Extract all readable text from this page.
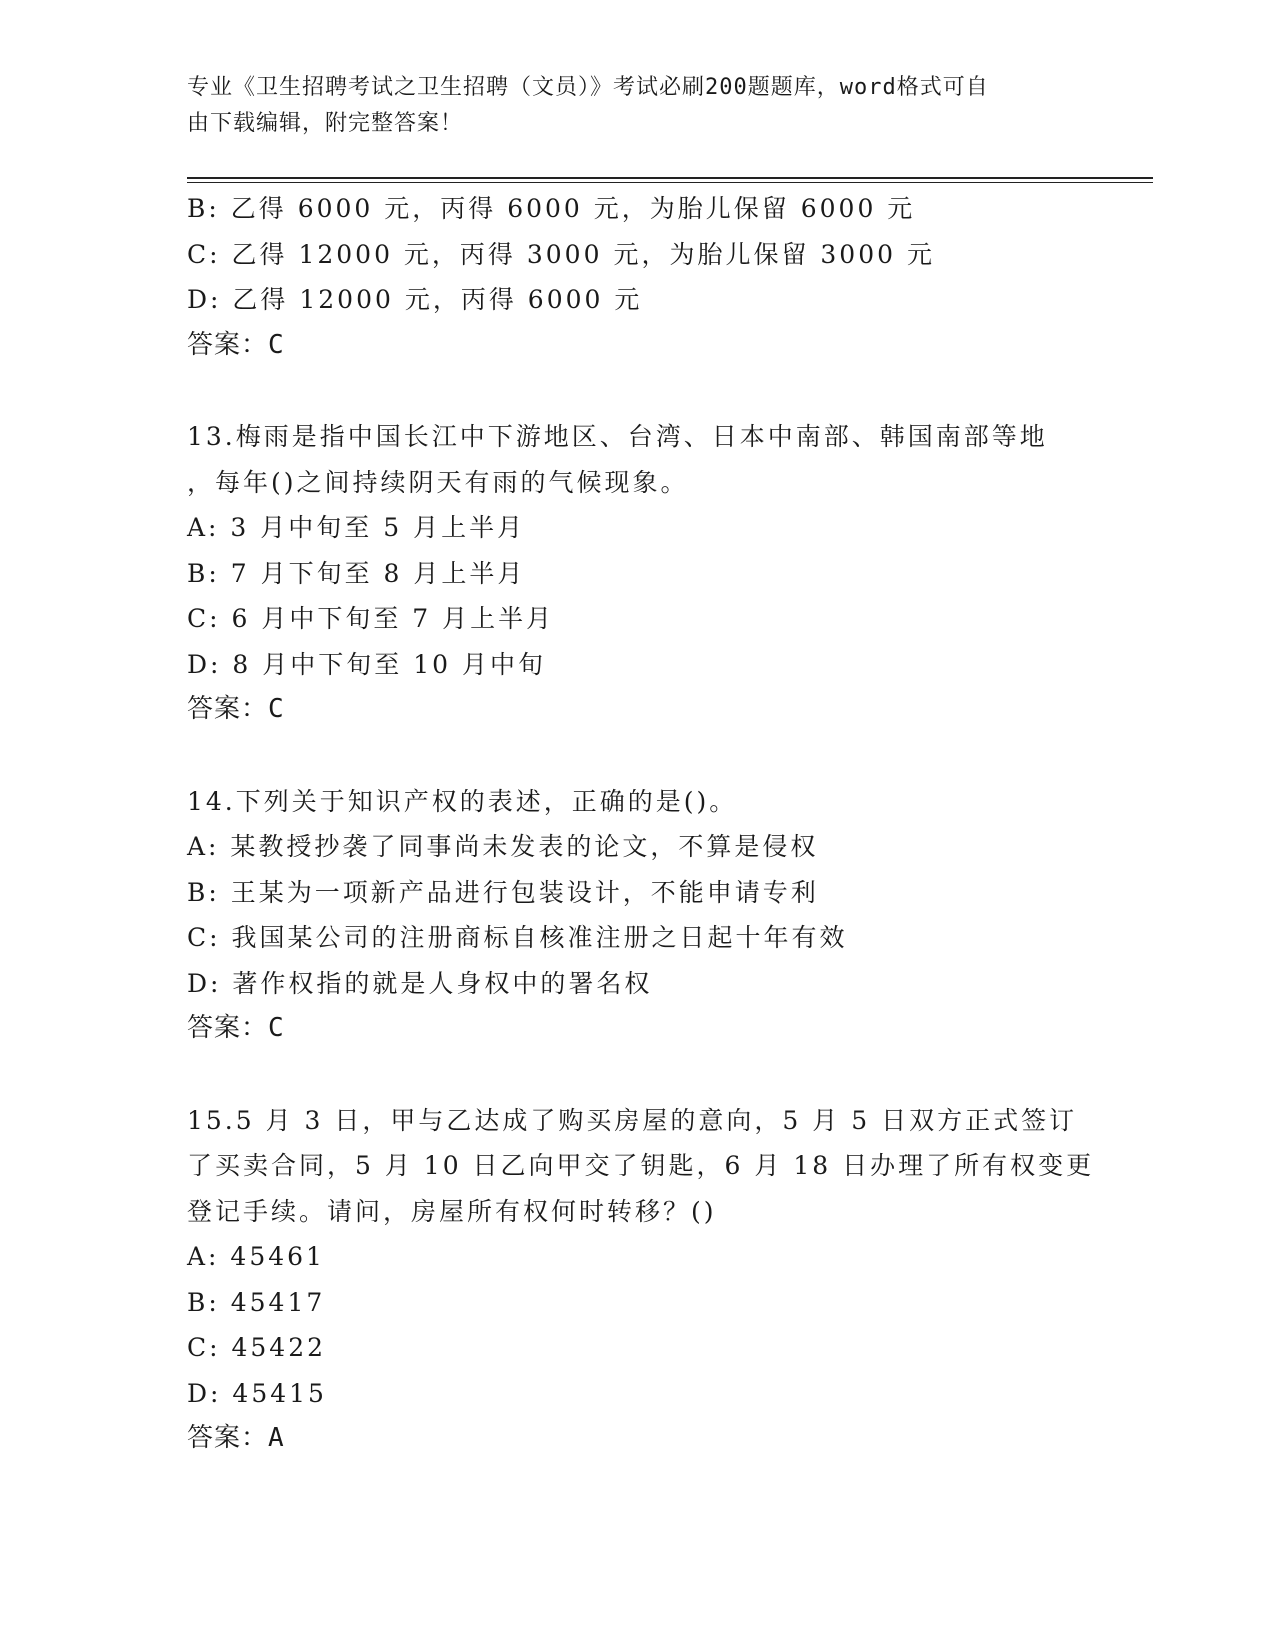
专业《卫生招聘考试之卫生招聘（文员）》考试必刷200题题库，word格式可自
由下载编辑，附完整答案！
B: 乙得 6000 元，丙得 6000 元，为胎儿保留 6000 元
C: 乙得 12000 元，丙得 3000 元，为胎儿保留 3000 元
D: 乙得 12000 元，丙得 6000 元
答案：C
13.梅雨是指中国长江中下游地区、台湾、日本中南部、韩国南部等地
，每年()之间持续阴天有雨的气候现象。
A: 3 月中旬至 5 月上半月
B: 7 月下旬至 8 月上半月
C: 6 月中下旬至 7 月上半月
D: 8 月中下旬至 10 月中旬
答案：C
14.下列关于知识产权的表述，正确的是()。
A: 某教授抄袭了同事尚未发表的论文，不算是侵权
B: 王某为一项新产品进行包装设计，不能申请专利
C: 我国某公司的注册商标自核准注册之日起十年有效
D: 著作权指的就是人身权中的署名权
答案：C
15.5 月 3 日，甲与乙达成了购买房屋的意向，5 月 5 日双方正式签订
了买卖合同，5 月 10 日乙向甲交了钥匙，6 月 18 日办理了所有权变更
登记手续。请问，房屋所有权何时转移？()
A: 45461
B: 45417
C: 45422
D: 45415
答案：A
